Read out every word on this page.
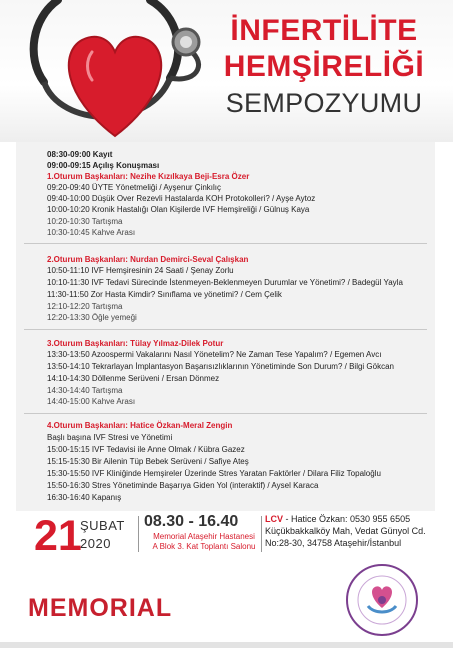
İNFERTİLİTE
HEMŞİRELİĞİ
SEMPOZYUMU
08:30-09:00 Kayıt
09:00-09:15 Açılış Konuşması
1.Oturum Başkanları: Nezihe Kızılkaya Beji-Esra Özer
09:20-09:40 ÜYTE Yönetmeliği / Ayşenur Çinkılıç
09:40-10:00 Düşük Over Rezevli Hastalarda KOH Protokolleri? / Ayşe Aytoz
10:00-10:20 Kronik Hastalığı Olan Kişilerde IVF Hemşireliği / Gülnuş Kaya
10:20-10:30 Tartışma
10:30-10:45 Kahve Arası
2.Oturum Başkanları: Nurdan Demirci-Seval Çalışkan
10:50-11:10 IVF Hemşiresinin 24 Saati / Şenay Zorlu
10:10-11:30 IVF Tedavi Sürecinde İstenmeyen-Beklenmeyen Durumlar ve Yönetimi? / Badegül Yayla
11:30-11:50 Zor Hasta Kimdir? Sınıflama ve yönetimi? / Cem Çelik
12:10-12:20 Tartışma
12:20-13:30 Öğle yemeği
3.Oturum Başkanları: Tülay Yılmaz-Dilek Potur
13:30-13:50 Azoospermi Vakalarını Nasıl Yönetelim? Ne Zaman Tese Yapalım? / Egemen Avcı
13:50-14:10 Tekrarlayan İmplantasyon Başarısızlıklarının Yönetiminde Son Durum? / Bilgi Gökcan
14:10-14:30 Döllenme Serüveni / Ersan Dönmez
14:30-14:40 Tartışma
14:40-15:00 Kahve Arası
4.Oturum Başkanları: Hatice Özkan-Meral Zengin
Başlı başına IVF Stresi ve Yönetimi
15:00-15:15 IVF Tedavisi ile Anne Olmak / Kübra Gazez
15:15-15:30 Bir Ailenin Tüp Bebek Serüveni / Safiye Ateş
15:30-15:50 IVF Kliniğinde Hemşireler Üzerinde Stres Yaratan Faktörler / Dilara Filiz Topaloğlu
15:50-16:30 Stres Yönetiminde Başarıya Giden Yol (interaktif) / Aysel Karaca
16:30-16:40 Kapanış
21
ŞUBAT
2020
08.30 - 16.40
Memorial Ataşehir Hastanesi
A Blok 3. Kat Toplantı Salonu
LCV - Hatice Özkan: 0530 955 6505
Küçükbakkalköy Mah, Vedat Günyol Cd.
No:28-30, 34758 Ataşehir/İstanbul
MEMORIAL
